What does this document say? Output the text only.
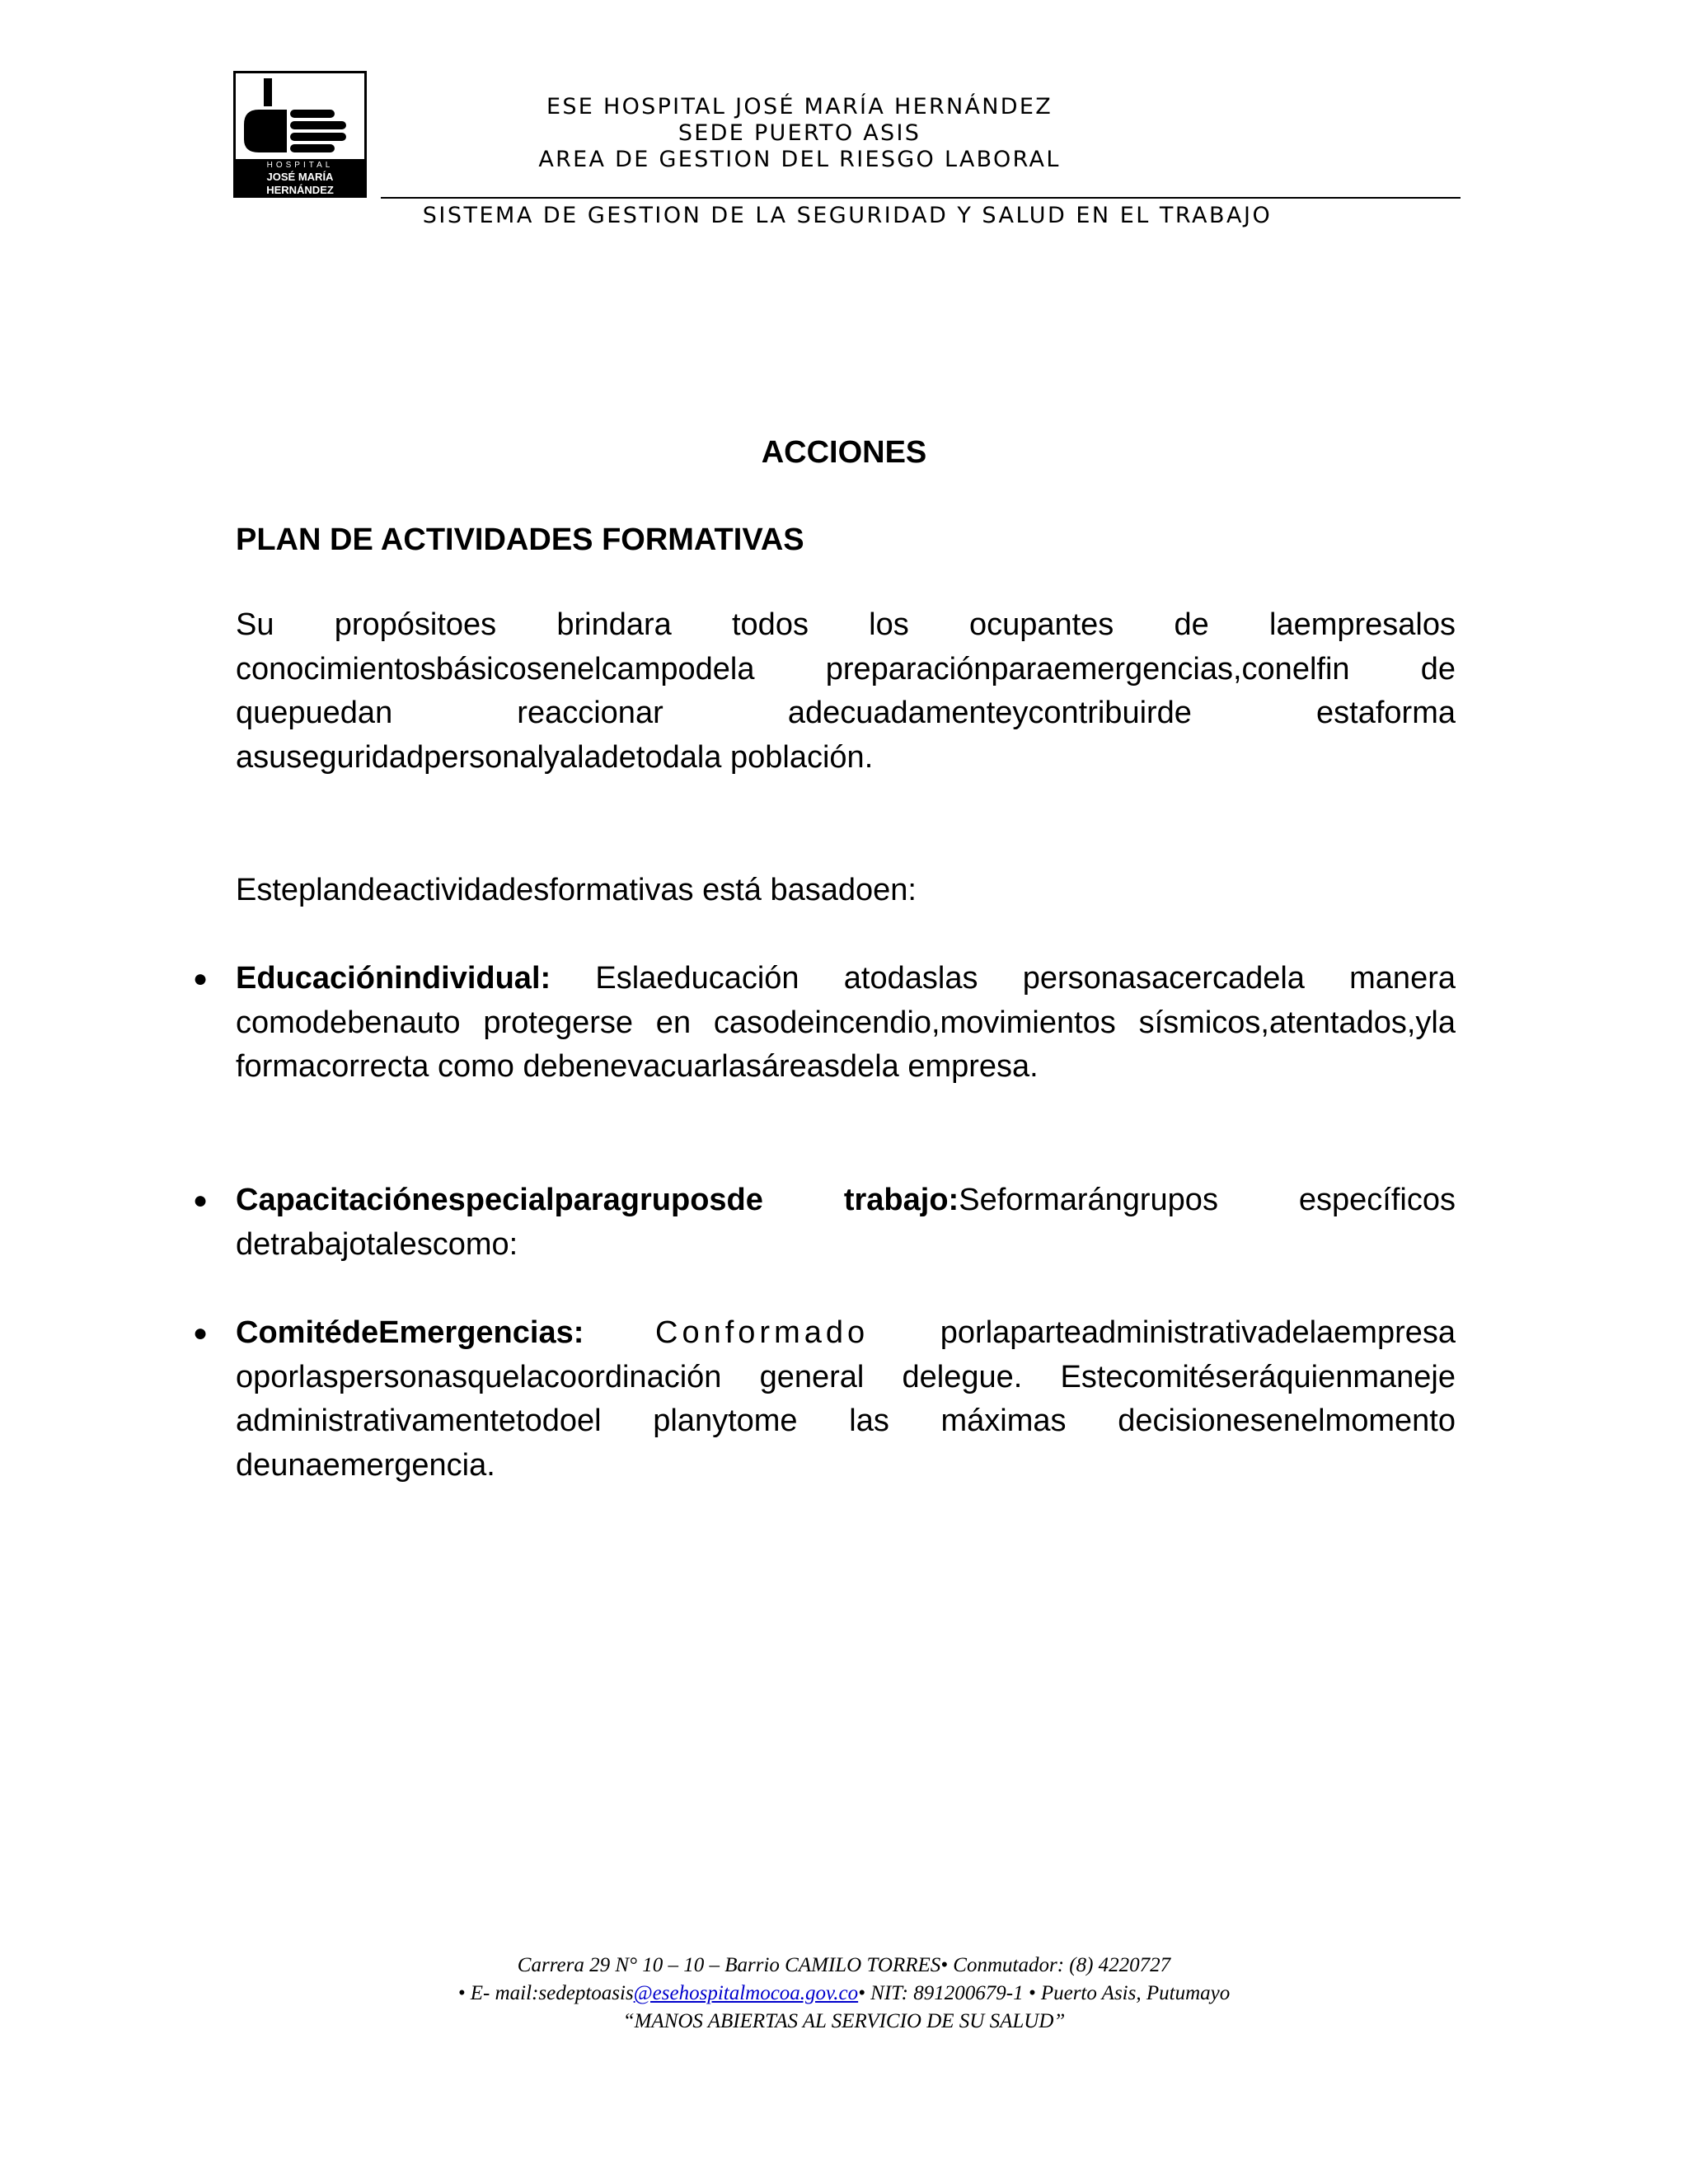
HOSPITAL
JOSÉ MARÍA HERNÁNDEZ
EMPRESA SOCIAL DEL ESTADO
ESE HOSPITAL JOSÉ MARÍA HERNÁNDEZ
SEDE PUERTO ASIS
AREA DE GESTION DEL RIESGO LABORAL
SISTEMA DE GESTION DE LA SEGURIDAD Y SALUD EN EL TRABAJO
ACCIONES
PLAN DE ACTIVIDADES FORMATIVAS
Su propósitoes brindara todos los ocupantes de laempresalos conocimientosbásicosenelcampodela preparaciónparaemergencias,conelfin de quepuedan reaccionar adecuadamenteycontribuirde estaforma asuseguridadpersonalyaladetodala población.
Esteplandeactividadesformativas está basadoen:
● Educaciónindividual: Eslaeducación atodaslas personasacercadela manera comodebenauto protegerse en casodeincendio,movimientos sísmicos,atentados,yla formacorrecta como debenevacuarlasáreasdela empresa.
● Capacitaciónespecialparagruposde trabajo:Seformarángrupos específicos detrabajotalescomo:
● ComitédeEmergencias: Conformado porlaparteadministrativadelaempresa oporlaspersonasquelacoordinación general delegue. Estecomitéseráquienmaneje administrativamentetodoel planytome las máximas decisionesenelmomento deunaemergencia.
Carrera 29 N° 10 – 10 – Barrio CAMILO TORRES• Conmutador: (8) 4220727
• E- mail:sedeptoasis@esehospitalmocoa.gov.co• NIT: 891200679-1 • Puerto Asis, Putumayo
“MANOS ABIERTAS AL SERVICIO DE SU SALUD”
